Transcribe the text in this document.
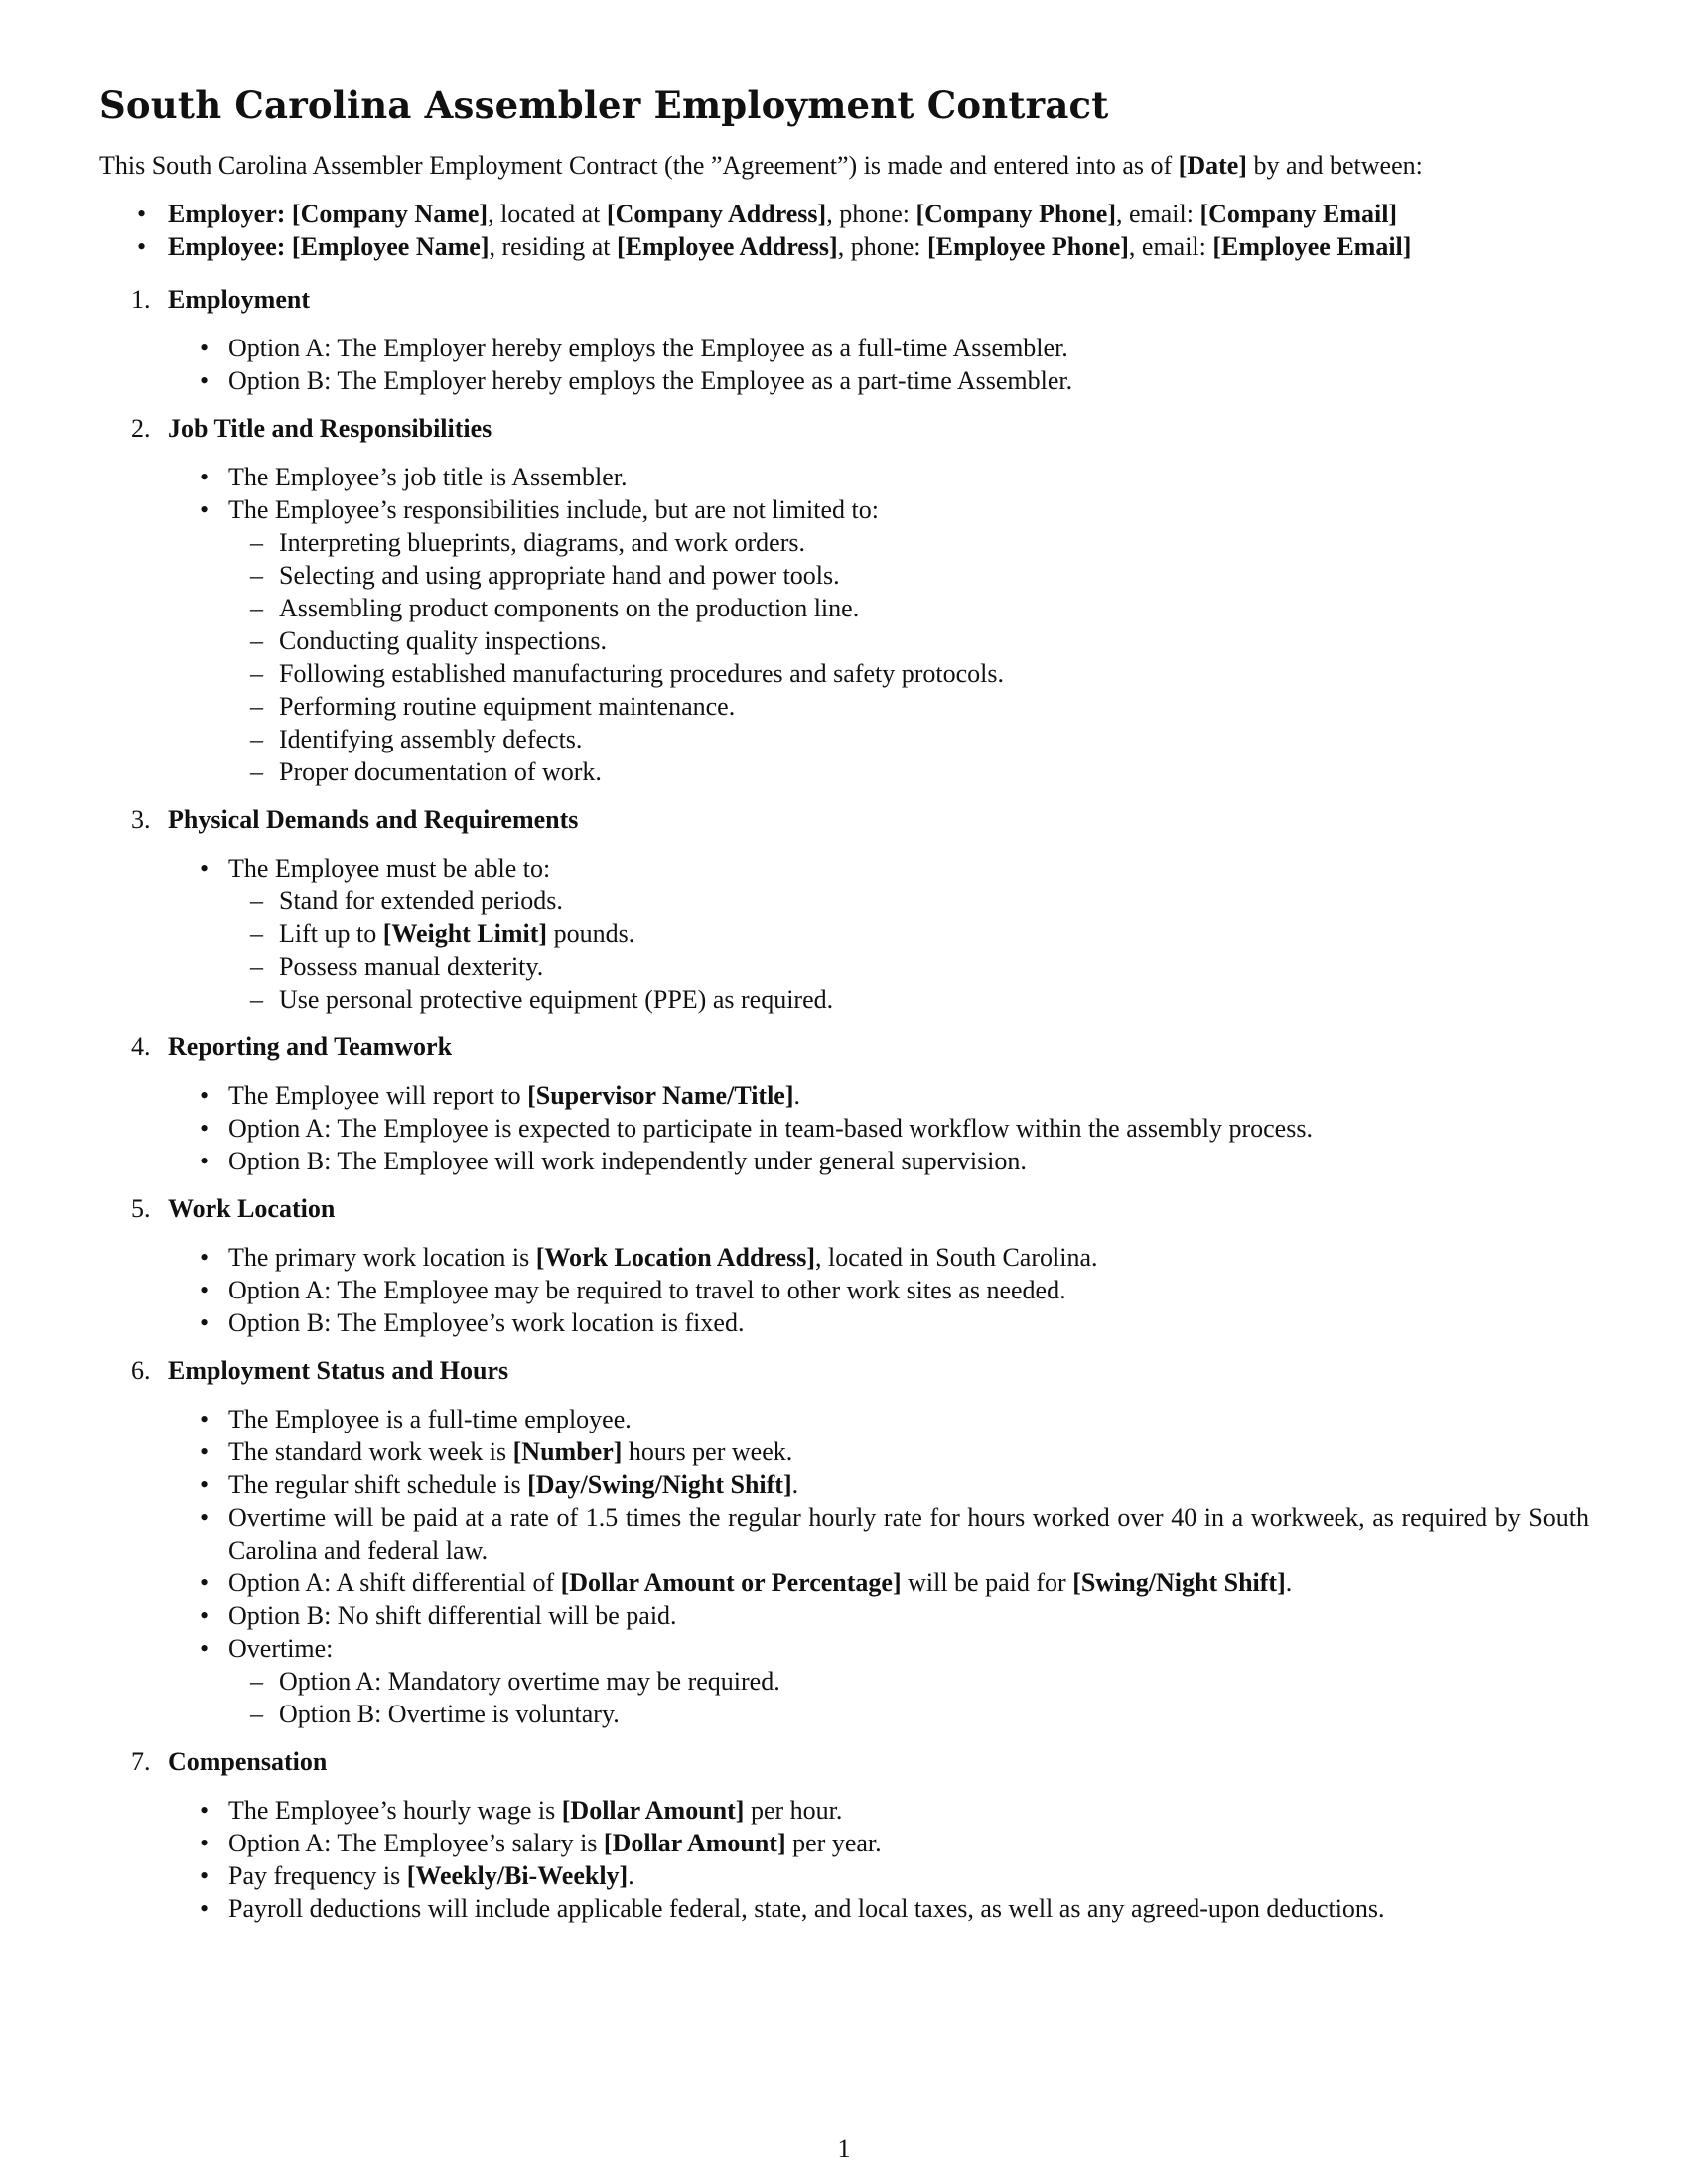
South Carolina Assembler Employment Contract

This South Carolina Assembler Employment Contract (the ”Agreement”) is made and entered into as of [Date] by and between:

• Employer: [Company Name], located at [Company Address], phone: [Company Phone], email: [Company Email]
• Employee: [Employee Name], residing at [Employee Address], phone: [Employee Phone], email: [Employee Email]
1. Employment
• Option A: The Employer hereby employs the Employee as a full-time Assembler.
• Option B: The Employer hereby employs the Employee as a part-time Assembler.
2. Job Title and Responsibilities
• The Employee’s job title is Assembler.
• The Employee’s responsibilities include, but are not limited to:
– Interpreting blueprints, diagrams, and work orders.
– Selecting and using appropriate hand and power tools.
– Assembling product components on the production line.
– Conducting quality inspections.
– Following established manufacturing procedures and safety protocols.
– Performing routine equipment maintenance.
– Identifying assembly defects.
– Proper documentation of work.
3. Physical Demands and Requirements
• The Employee must be able to:
– Stand for extended periods.
– Lift up to [Weight Limit] pounds.
– Possess manual dexterity.
– Use personal protective equipment (PPE) as required.
4. Reporting and Teamwork
• The Employee will report to [Supervisor Name/Title].
• Option A: The Employee is expected to participate in team-based workflow within the assembly process.
• Option B: The Employee will work independently under general supervision.
5. Work Location
• The primary work location is [Work Location Address], located in South Carolina.
• Option A: The Employee may be required to travel to other work sites as needed.
• Option B: The Employee’s work location is fixed.
6. Employment Status and Hours
• The Employee is a full-time employee.
• The standard work week is [Number] hours per week.
• The regular shift schedule is [Day/Swing/Night Shift].
• Overtime will be paid at a rate of 1.5 times the regular hourly rate for hours worked over 40 in a workweek, as required by South Carolina and federal law.
• Option A: A shift differential of [Dollar Amount or Percentage] will be paid for [Swing/Night Shift].
• Option B: No shift differential will be paid.
• Overtime:
– Option A: Mandatory overtime may be required.
– Option B: Overtime is voluntary.
7. Compensation
• The Employee’s hourly wage is [Dollar Amount] per hour.
• Option A: The Employee’s salary is [Dollar Amount] per year.
• Pay frequency is [Weekly/Bi-Weekly].
• Payroll deductions will include applicable federal, state, and local taxes, as well as any agreed-upon deductions.
1
